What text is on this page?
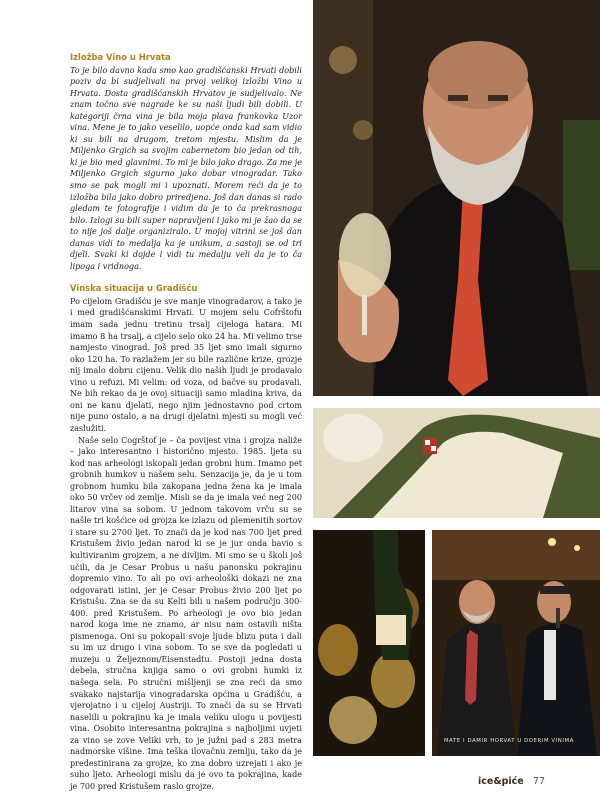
Izložba Vino u Hrvata

To je bilo davno kada smo kao gradišćanski Hrvati dobili poziv da bi sudjelivali na prvoj velikoj izložbi Vino u Hrvata. Dosta gradišćanskih Hrvatov je sudjelivalo. Ne znam točno sve nagrade ke su naši ljudi bili dobili. U kategoriji črna vina je bila moja plava frankovka Uzor vina. Mene je to jako veselilo, uopće onda kad sam vidio ki su bili na drugom, tretom mjestu. Mislim da je Miljenko Grgich sa svojim cabernetom bio jedan od tih, ki je bio med glavnimi. To mi je bilo jako drago. Za me je Miljenko Grgich sigurno jako dobar vinogradar. Tako smo se pak mogli mi i upoznati. Morem reći da je to izložba bila jako dobro priredjena. Još dan danas si rado gledam te fotografije i vidim da je to ča prekrasnoga bilo. Izlogi su bili super napravljeni i jako mi je žao da se to nije još dalje organiziralo. U mojoj vitrini se još dan danas vidi to medalja ka je unikum, a sastoji se od tri djeli. Svaki ki dojde i vidi tu medalju veli da je to ča lipoga i vridnoga.

Vinska situacija u Gradišću

Po cijelom Gradišću je sve manje vinogradarov, a tako je i med gradišćanskimi Hrvati. U mojem selu Cofrštofu imam sada jednu tretinu trsalj cijeloga hatara. Mi imamo 8 ha trsalj, a cijelo selo oko 24 ha. Mi velimo trse namjesto vinograd. Još pred 35 ljet smo imali sigurno oko 120 ha. To razlažem jer su bile različne krize, grozje nij imalo dobru cijenu. Velik dio naših ljudi je prodavalo vino u refuzi. Mi velim: od voza, od bačve su prodavali. Ne bih rekao da je ovoj situaciji samo mladina kriva, da oni ne kanu djelati, nego njim jednostavno pod crtom nije puno ostalo, a na drugi djelatni mjesti su mogli već zaslužiti.

Naše selo Cogrštof je – ča povijest vina i grojza naliže – jako interesantno i historično mjesto. 1985. ljeta su kod nas arheologi iskopali jedan grobni hum. Imamo pet grobnih humkov u našem selu. Senzacija je, da je u tom grobnom humku bila zakopana jedna žena ka je imala oko 50 vrčev od zemlje. Misli se da je imala već neg 200 litarov vina sa sobom. U jednom takovom vrču su se našle tri košćice od grojza ke izlazu od plemenitih sortov i stare su 2700 ljet. To znači da je kod nas 700 ljet pred Kristušem živio jedan narod ki se je jur onda bavio s kultiviranim grojzem, a ne divljim. Mi smo se u školi još učili, da je Cesar Probus u našu panonsku pokrajinu dopremio vino. To ali po ovi arheološki dokazi ne zna odgovarati istini, jer je Cesar Probus živio 200 ljet po Kristušu. Zna se da su Kelti bili u našem području 300-400. pred Kristušem. Po arheologi je ovo bio jedan narod koga ime ne znamo, ar nisu nam ostavili ništa pismenoga. Oni su pokopali svoje ljude blizu puta i dali su im uz drugo i vina sobom. To se sve da pogledati u muzeju u Željeznom/Eisenstadtu. Postoji jedna dosta debela, stručna knjiga samo o ovi grobni humki iz našega sela. Po stručni mišljenji se zna reći da smo svakako najstarija vinogradarska općina u Gradišću, a vjerojatno i u cijeloj Austriji. To znači da su se Hrvati naselili u pokrajinu ka je imala veliku ulogu u povijesti vina. Osobito interesantna pokrajina s najboljimi uvjeti za vino se zove Veliki vrh, to je južni pad s 283 metra nadmorske višine. Ima teška ilovačnu zemlju, tako da je predestinirana za grojze, ko zna dobro uzrejati i ako je suho ljeto. Arheologi mislu da je ovo ta pokrajina, kade je 700 pred Kristušem raslo grojze.

MATE I DAMIR HORVAT U DOERIM VINIMA
ice&piće 77
